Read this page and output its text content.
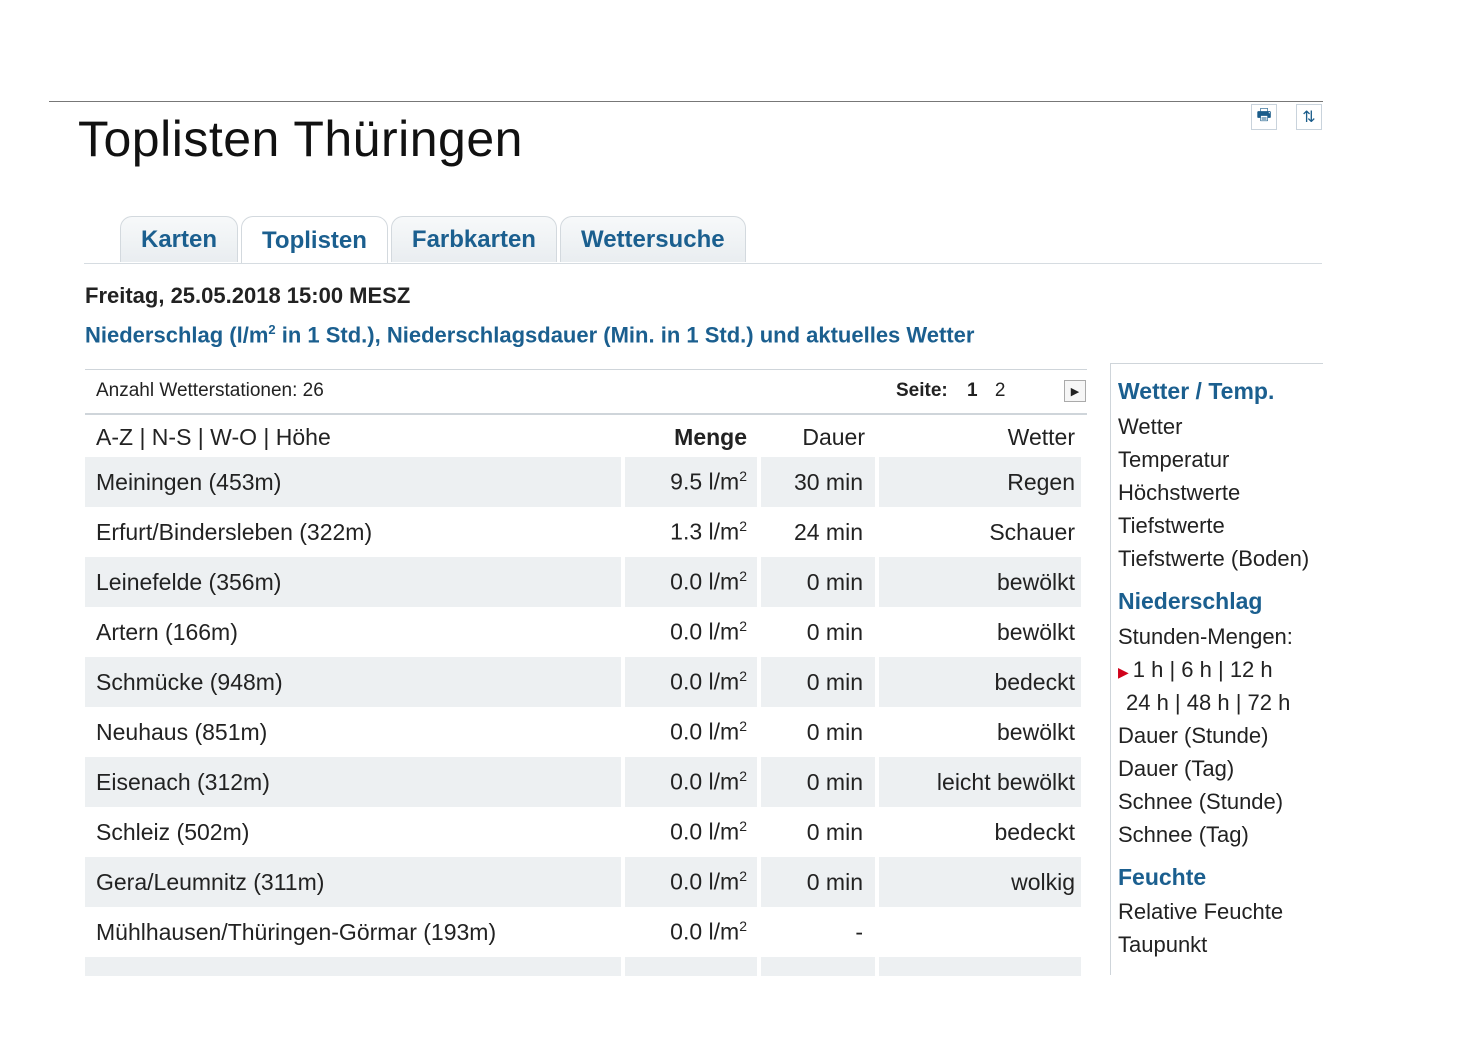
Toplisten Thüringen	🖶	⇅
Karten	Toplisten	Farbkarten	Wettersuche
Freitag, 25.05.2018 15:00 MESZ
Niederschlag ($l/m^2$ in 1 Std.), Niederschlagsdauer (Min. in 1 Std.) und aktuelles Wetter
Anzahl Wetterstationen: 26	Seite: 1 2	▶
A-Z | N-S | W-O | Höhe	Menge	Dauer	Wetter
Meiningen (453m)	9.5 $l/m^2$	30 min	Regen
Erfurt/Bindersleben (322m)	1.3 $l/m^2$	24 min	Schauer
Leinefelde (356m)	0.0 $l/m^2$	0 min	bewölkt
Artern (166m)	0.0 $l/m^2$	0 min	bewölkt
Schmücke (948m)	0.0 $l/m^2$	0 min	bedeckt
Neuhaus (851m)	0.0 $l/m^2$	0 min	bewölkt
Eisenach (312m)	0.0 $l/m^2$	0 min	leicht bewölkt
Schleiz (502m)	0.0 $l/m^2$	0 min	bedeckt
Gera/Leumnitz (311m)	0.0 $l/m^2$	0 min	wolkig
Mühlhausen/Thüringen-Görmar (193m)	0.0 $l/m^2$	-	

Wetter / Temp.
Wetter
Temperatur
Höchstwerte
Tiefstwerte
Tiefstwerte (Boden)
Niederschlag
Stunden-Mengen:
▶ 1 h | 6 h | 12 h
24 h | 48 h | 72 h
Dauer (Stunde)
Dauer (Tag)
Schnee (Stunde)
Schnee (Tag)
Feuchte
Relative Feuchte
Taupunkt
